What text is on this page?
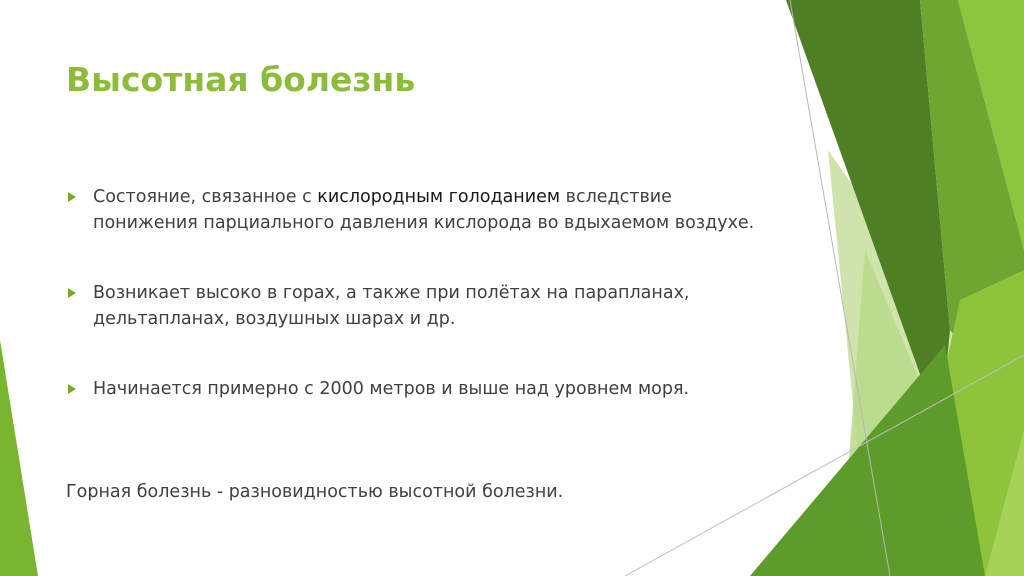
Высотная болезнь
Состояние, связанное с кислородным голоданием вследствие понижения парциального давления кислорода во вдыхаемом воздухе.
Возникает высоко в горах, а также при полётах на парапланах, дельтапланах, воздушных шарах и др.
Начинается примерно с 2000 метров и выше над уровнем моря.

Горная болезнь - разновидностью высотной болезни.
